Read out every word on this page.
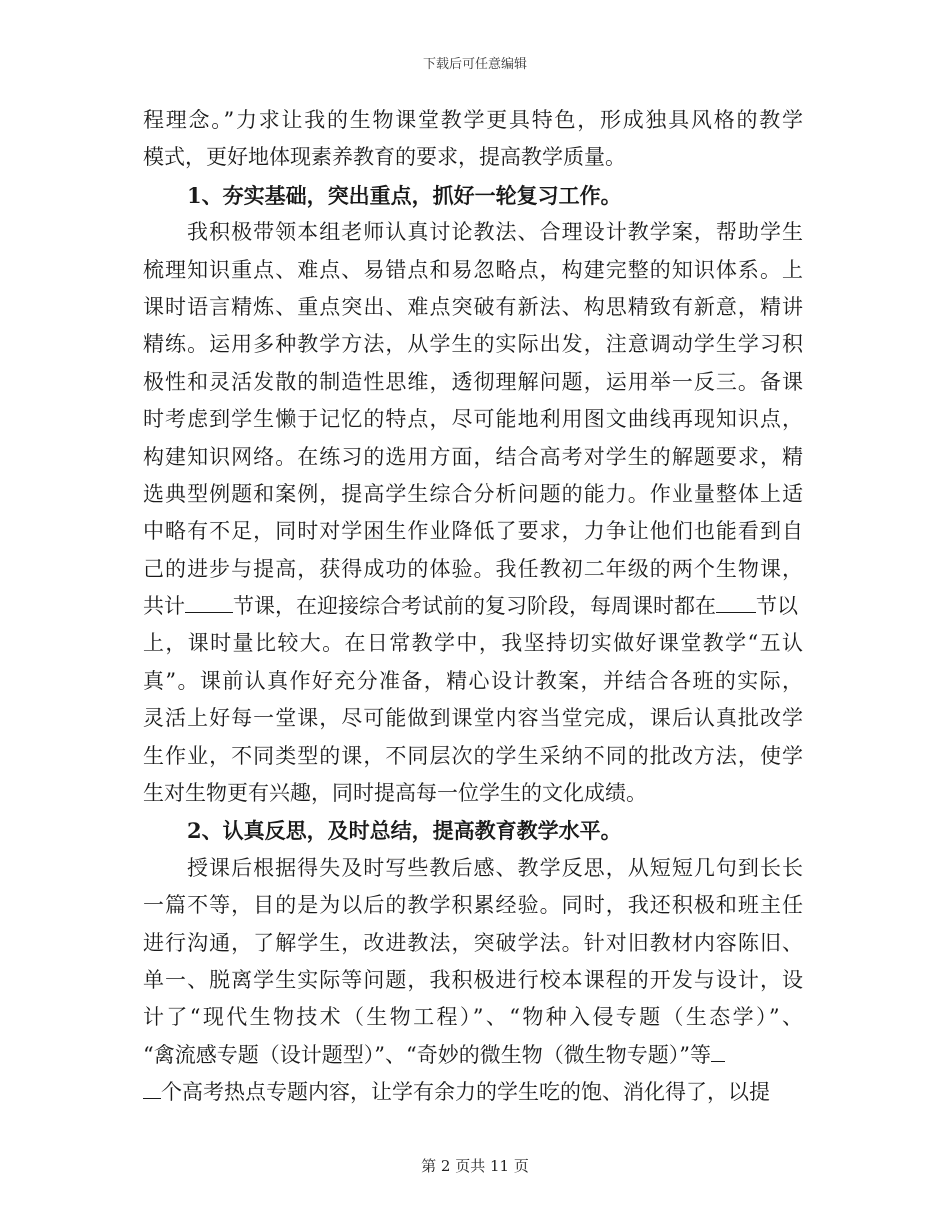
下载后可任意编辑
程理念。”力求让我的生物课堂教学更具特色，形成独具风格的教学
模式，更好地体现素养教育的要求，提高教学质量。
1、夯实基础，突出重点，抓好一轮复习工作。
我积极带领本组老师认真讨论教法、合理设计教学案，帮助学生
梳理知识重点、难点、易错点和易忽略点，构建完整的知识体系。上
课时语言精炼、重点突出、难点突破有新法、构思精致有新意，精讲
精练。运用多种教学方法，从学生的实际出发，注意调动学生学习积
极性和灵活发散的制造性思维，透彻理解问题，运用举一反三。备课
时考虑到学生懒于记忆的特点，尽可能地利用图文曲线再现知识点，
构建知识网络。在练习的选用方面，结合高考对学生的解题要求，精
选典型例题和案例，提高学生综合分析问题的能力。作业量整体上适
中略有不足，同时对学困生作业降低了要求，力争让他们也能看到自
己的进步与提高，获得成功的体验。我任教初二年级的两个生物课，
共计 节课，在迎接综合考试前的复习阶段，每周课时都在 节以
上，课时量比较大。在日常教学中，我坚持切实做好课堂教学“五认
真”。课前认真作好充分准备，精心设计教案，并结合各班的实际，
灵活上好每一堂课，尽可能做到课堂内容当堂完成，课后认真批改学
生作业，不同类型的课，不同层次的学生采纳不同的批改方法，使学
生对生物更有兴趣，同时提高每一位学生的文化成绩。
2、认真反思，及时总结，提高教育教学水平。
授课后根据得失及时写些教后感、教学反思，从短短几句到长长
一篇不等，目的是为以后的教学积累经验。同时，我还积极和班主任
进行沟通，了解学生，改进教法，突破学法。针对旧教材内容陈旧、
单一、脱离学生实际等问题，我积极进行校本课程的开发与设计，设
计了“现代生物技术（生物工程）”、“物种入侵专题（生态学）”、
“禽流感专题（设计题型）”、“奇妙的微生物（微生物专题）”等
个高考热点专题内容，让学有余力的学生吃的饱、消化得了，以提
第 2 页共 11 页
